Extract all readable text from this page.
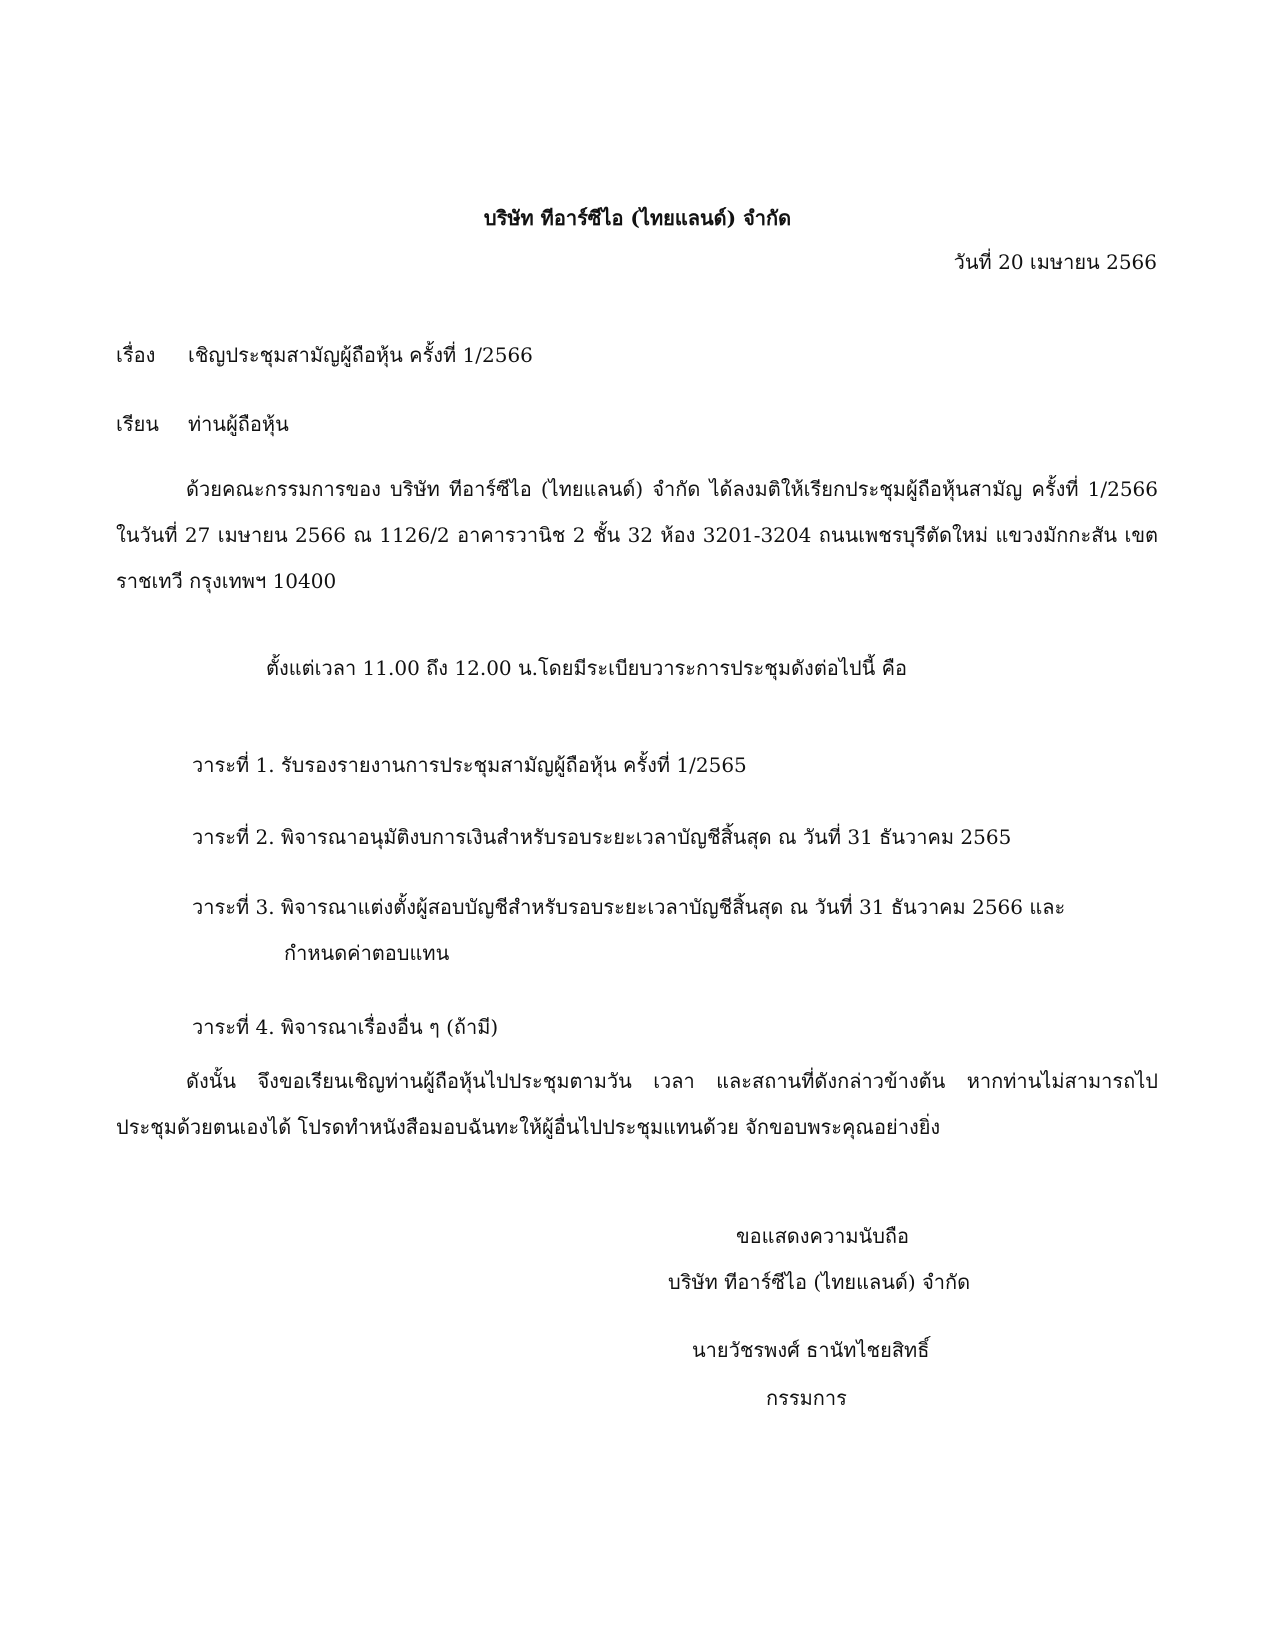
บริษัท ทีอาร์ซีไอ (ไทยแลนด์) จำกัด
วันที่ 20 เมษายน 2566
เรื่อง เชิญประชุมสามัญผู้ถือหุ้น ครั้งที่ 1/2566
เรียน ท่านผู้ถือหุ้น
ด้วยคณะกรรมการของ บริษัท ทีอาร์ซีไอ (ไทยแลนด์) จำกัด ได้ลงมติให้เรียกประชุมผู้ถือหุ้นสามัญ ครั้งที่ 1/2566 ในวันที่ 27 เมษายน 2566 ณ 1126/2 อาคารวานิช 2 ชั้น 32 ห้อง 3201-3204 ถนนเพชรบุรีตัดใหม่ แขวงมักกะสัน เขตราชเทวี กรุงเทพฯ 10400
ตั้งแต่เวลา 11.00 ถึง 12.00 น.โดยมีระเบียบวาระการประชุมดังต่อไปนี้ คือ
วาระที่ 1. รับรองรายงานการประชุมสามัญผู้ถือหุ้น ครั้งที่ 1/2565
วาระที่ 2. พิจารณาอนุมัติงบการเงินสำหรับรอบระยะเวลาบัญชีสิ้นสุด ณ วันที่ 31 ธันวาคม 2565
วาระที่ 3. พิจารณาแต่งตั้งผู้สอบบัญชีสำหรับรอบระยะเวลาบัญชีสิ้นสุด ณ วันที่ 31 ธันวาคม 2566 และ
กำหนดค่าตอบแทน
วาระที่ 4. พิจารณาเรื่องอื่น ๆ (ถ้ามี)
ดังนั้น จึงขอเรียนเชิญท่านผู้ถือหุ้นไปประชุมตามวัน เวลา และสถานที่ดังกล่าวข้างต้น หากท่านไม่สามารถไปประชุมด้วยตนเองได้ โปรดทำหนังสือมอบฉันทะให้ผู้อื่นไปประชุมแทนด้วย จักขอบพระคุณอย่างยิ่ง
ขอแสดงความนับถือ
บริษัท ทีอาร์ซีไอ (ไทยแลนด์) จำกัด
นายวัชรพงศ์ ธานัทไชยสิทธิ์
กรรมการ
